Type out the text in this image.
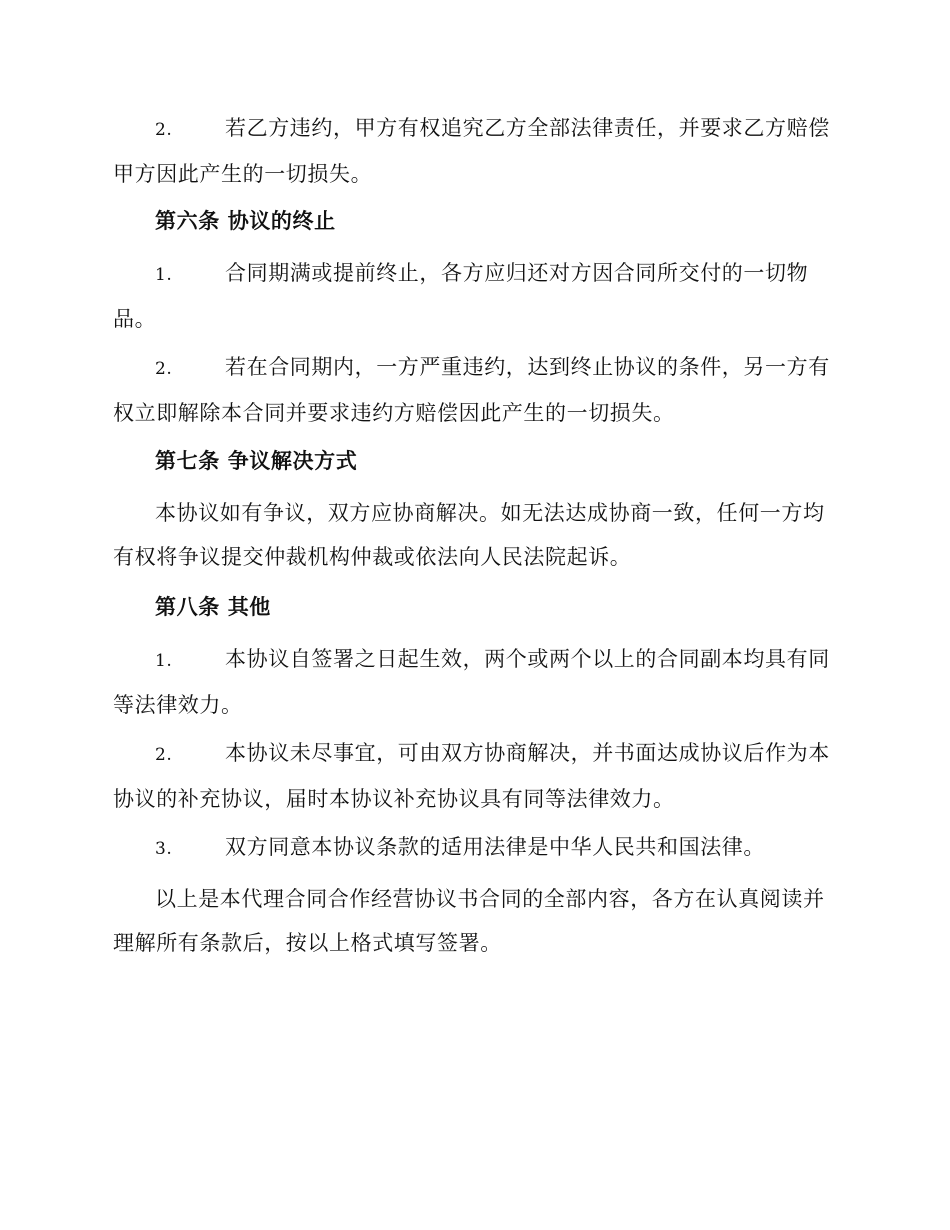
2.	若乙方违约，甲方有权追究乙方全部法律责任，并要求乙方赔偿甲方因此产生的一切损失。
第六条 协议的终止
1.	合同期满或提前终止，各方应归还对方因合同所交付的一切物品。
2.	若在合同期内，一方严重违约，达到终止协议的条件，另一方有权立即解除本合同并要求违约方赔偿因此产生的一切损失。
第七条 争议解决方式
本协议如有争议，双方应协商解决。如无法达成协商一致，任何一方均有权将争议提交仲裁机构仲裁或依法向人民法院起诉。
第八条 其他
1.	本协议自签署之日起生效，两个或两个以上的合同副本均具有同等法律效力。
2.	本协议未尽事宜，可由双方协商解决，并书面达成协议后作为本协议的补充协议，届时本协议补充协议具有同等法律效力。
3.	双方同意本协议条款的适用法律是中华人民共和国法律。
以上是本代理合同合作经营协议书合同的全部内容，各方在认真阅读并理解所有条款后，按以上格式填写签署。
